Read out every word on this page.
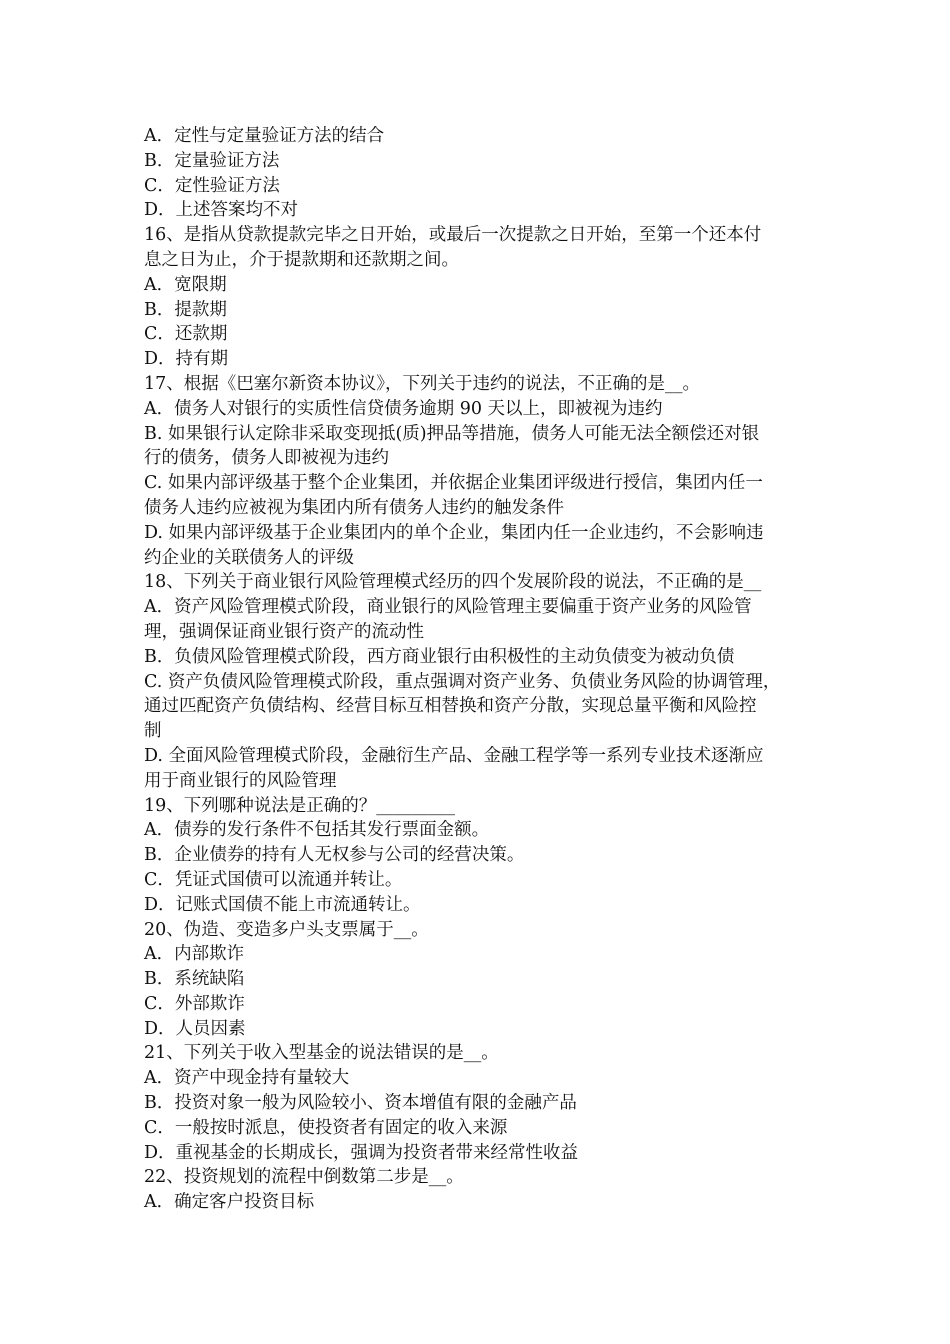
A．定性与定量验证方法的结合
B．定量验证方法
C．定性验证方法
D．上述答案均不对
16、是指从贷款提款完毕之日开始，或最后一次提款之日开始，至第一个还本付
息之日为止，介于提款期和还款期之间。
A．宽限期
B．提款期
C．还款期
D．持有期
17、根据《巴塞尔新资本协议》，下列关于违约的说法，不正确的是__。
A．债务人对银行的实质性信贷债务逾期 90 天以上，即被视为违约
B. 如果银行认定除非采取变现抵(质)押品等措施，债务人可能无法全额偿还对银
行的债务，债务人即被视为违约
C. 如果内部评级基于整个企业集团，并依据企业集团评级进行授信，集团内任一
债务人违约应被视为集团内所有债务人违约的触发条件
D. 如果内部评级基于企业集团内的单个企业，集团内任一企业违约，不会影响违
约企业的关联债务人的评级
18、下列关于商业银行风险管理模式经历的四个发展阶段的说法，不正确的是__
A．资产风险管理模式阶段，商业银行的风险管理主要偏重于资产业务的风险管
理，强调保证商业银行资产的流动性
B．负债风险管理模式阶段，西方商业银行由积极性的主动负债变为被动负债
C. 资产负债风险管理模式阶段，重点强调对资产业务、负债业务风险的协调管理，
通过匹配资产负债结构、经营目标互相替换和资产分散，实现总量平衡和风险控
制
D. 全面风险管理模式阶段，金融衍生产品、金融工程学等一系列专业技术逐渐应
用于商业银行的风险管理
19、下列哪种说法是正确的？_________
A．债券的发行条件不包括其发行票面金额。
B．企业债券的持有人无权参与公司的经营决策。
C．凭证式国债可以流通并转让。
D．记账式国债不能上市流通转让。
20、伪造、变造多户头支票属于__。
A．内部欺诈
B．系统缺陷
C．外部欺诈
D．人员因素
21、下列关于收入型基金的说法错误的是__。
A．资产中现金持有量较大
B．投资对象一般为风险较小、资本增值有限的金融产品
C．一般按时派息，使投资者有固定的收入来源
D．重视基金的长期成长，强调为投资者带来经常性收益
22、投资规划的流程中倒数第二步是__。
A．确定客户投资目标
